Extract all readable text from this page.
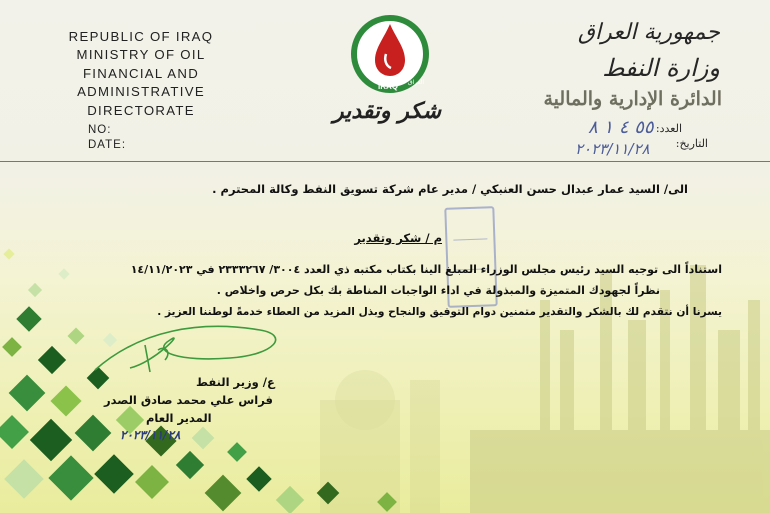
REPUBLIC OF IRAQ
MINISTRY OF OIL
FINANCIAL AND
ADMINISTRATIVE
DIRECTORATE
NO:
DATE:
IRAQ العراق
شكر وتقدير
جمهورية العراق
وزارة النفط
الدائرة الإدارية والمالية
العدد:
التاريخ:
٥٥ ٤ ١ ٨
٢٠٢٣/١١/٢٨
الى/ السيد عمار عبدال حسن العنبكي / مدير عام شركة تسويق النفط وكالة المحترم .
م / شكر وتقدير
استناداً الى توجيه السيد رئيس مجلس الوزراء المبلغ الينا بكتاب مكتبه ذي العدد ٣٠٠٤/ ٢٣٣٣٢٦٧ في ١٤/١١/٢٠٢٣
نظراً لجهودك المتميزة والمبذولة في اداء الواجبات المناطة بك بكل حرص واخلاص .
يسرنا أن نتقدم لك بالشكر والتقدير متمنين دوام التوفيق والنجاح وبذل المزيد من العطاء خدمةً لوطننا العزيز .
ع/ وزير النفط
فراس علي محمد صادق الصدر
المدير العام
٢٠٢٣/١١/٢٨
